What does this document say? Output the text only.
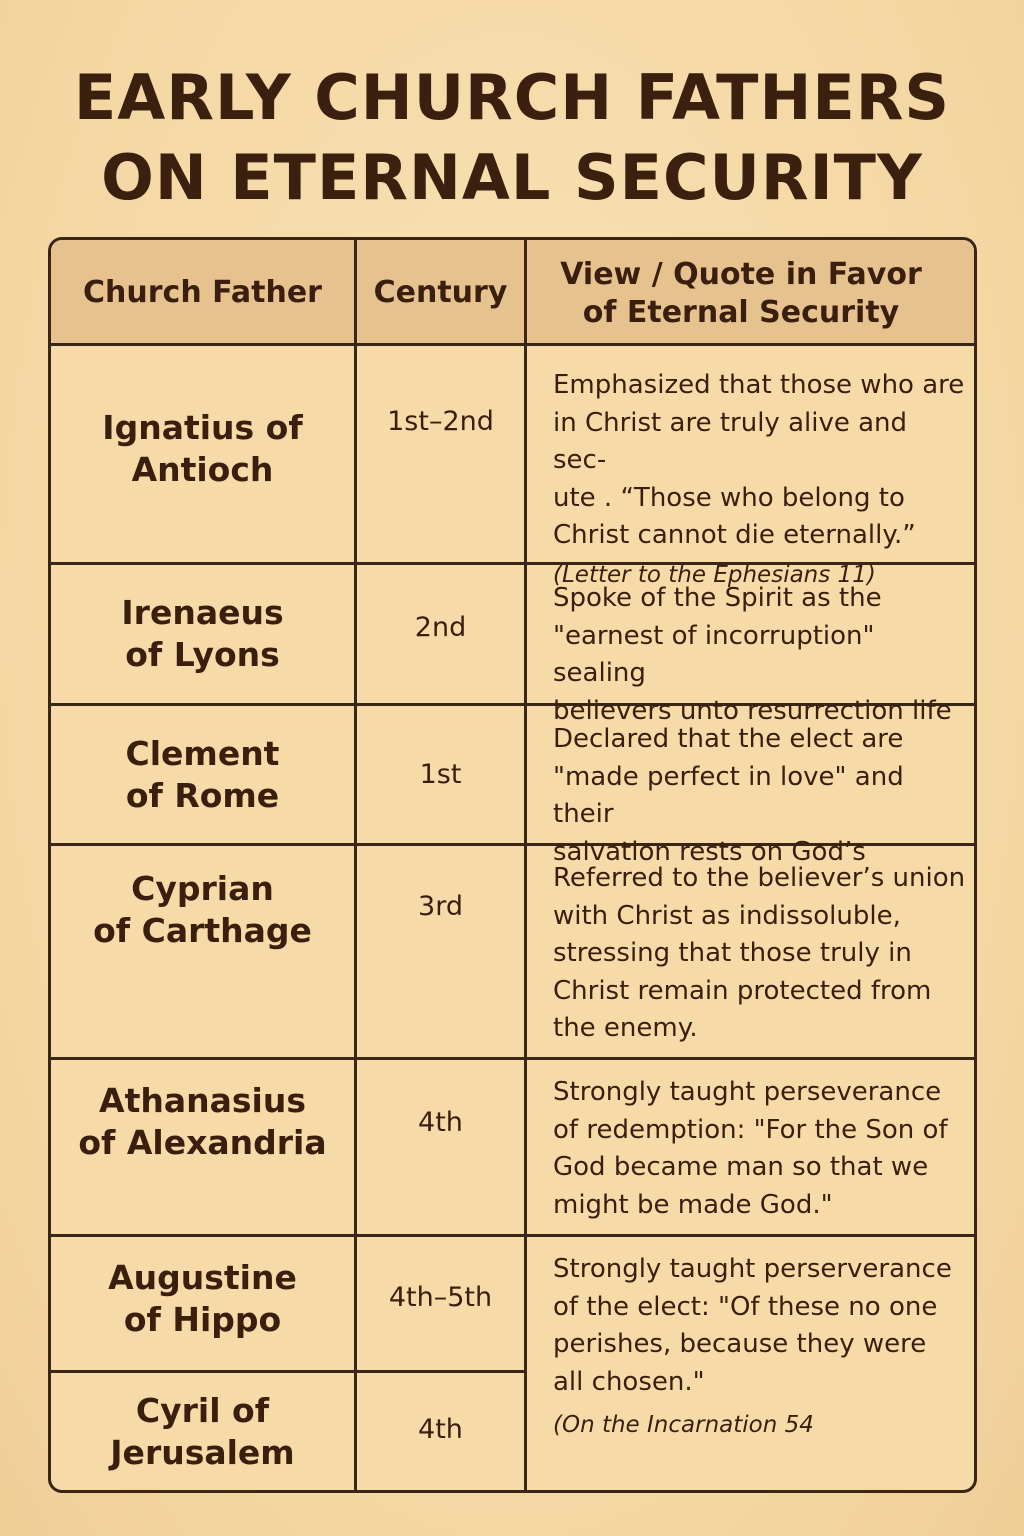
EARLY CHURCH FATHERS
ON ETERNAL SECURITY
Church Father	Century
View / Quote in Favor
of Eternal Security
Ignatius of
Antioch
1st–2nd
Emphasized that those who are
in Christ are truly alive and sec-
ute . “Those who belong to
Christ cannot die eternally.”
(Letter to the Ephesians 11)
Irenaeus
of Lyons
2nd
Spoke of the Spirit as the
"earnest of incorruption" sealing
believers unto resurrection life
Clement
of Rome
1st
Declared that the elect are
"made perfect in love" and their
salvation rests on God’s
Cyprian
of Carthage
3rd
Referred to the believer’s union
with Christ as indissoluble,
stressing that those truly in
Christ remain protected from
the enemy.
Athanasius
of Alexandria
4th
Strongly taught perseverance
of redemption: "For the Son of
God became man so that we
might be made God."
Augustine
of Hippo
4th–5th
Strongly taught perserverance
of the elect: "Of these no one
perishes, because they were
all chosen."
(On the Incarnation 54
Cyril of
Jerusalem
4th
